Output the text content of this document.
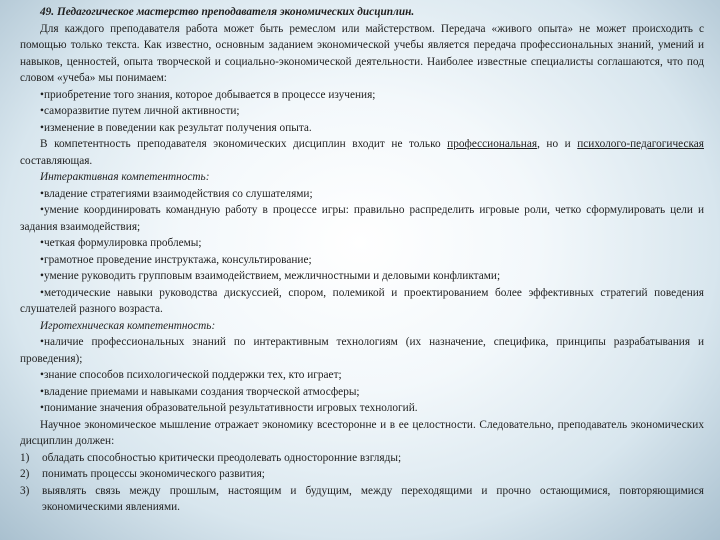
49. Педагогическое мастерство преподавателя экономических дисциплин.

Для каждого преподавателя работа может быть ремеслом или майстерством. Передача «живого опыта» не может происходить с помощью только текста. Как известно, основным заданием экономической учебы является передача профессиональных знаний, умений и навыков, ценностей, опыта творческой и социально-экономической деятельности. Наиболее известные специалисты соглашаются, что под словом «учеба» мы понимаем:

•приобретение того знания, которое добывается в процессе изучения;

•саморазвитие путем личной активности;

•изменение в поведении как результат получения опыта.

В компетентность преподавателя экономических дисциплин входит не только профессиональная, но и психолого-педагогическая составляющая.

Интерактивная компетентность:

•владение стратегиями взаимодействия со слушателями;

•умение координировать командную работу в процессе игры: правильно распределить игровые роли, четко сформулировать цели и задания взаимодействия;

•четкая формулировка проблемы;

•грамотное проведение инструктажа, консультирование;

•умение руководить групповым взаимодействием, межличностными и деловыми конфликтами;

•методические навыки руководства дискуссией, спором, полемикой и проектированием более эффективных стратегий поведения слушателей разного возраста.

Игротехническая компетентность:

•наличие профессиональных знаний по интерактивным технологиям (их назначение, специфика, принципы разрабатывания и проведения);

•знание способов психологической поддержки тех, кто играет;

•владение приемами и навыками создания творческой атмосферы;

•понимание значения образовательной результативности игровых технологий.

Научное экономическое мышление отражает экономику всесторонне и в ее целостности. Следовательно, преподаватель экономических дисциплин должен:

1)	обладать способностью критически преодолевать односторонние взгляды;
2)	понимать процессы экономического развития;
3)	выявлять связь между прошлым, настоящим и будущим, между переходящими и прочно остающимися, повторяющимися экономическими явлениями.
